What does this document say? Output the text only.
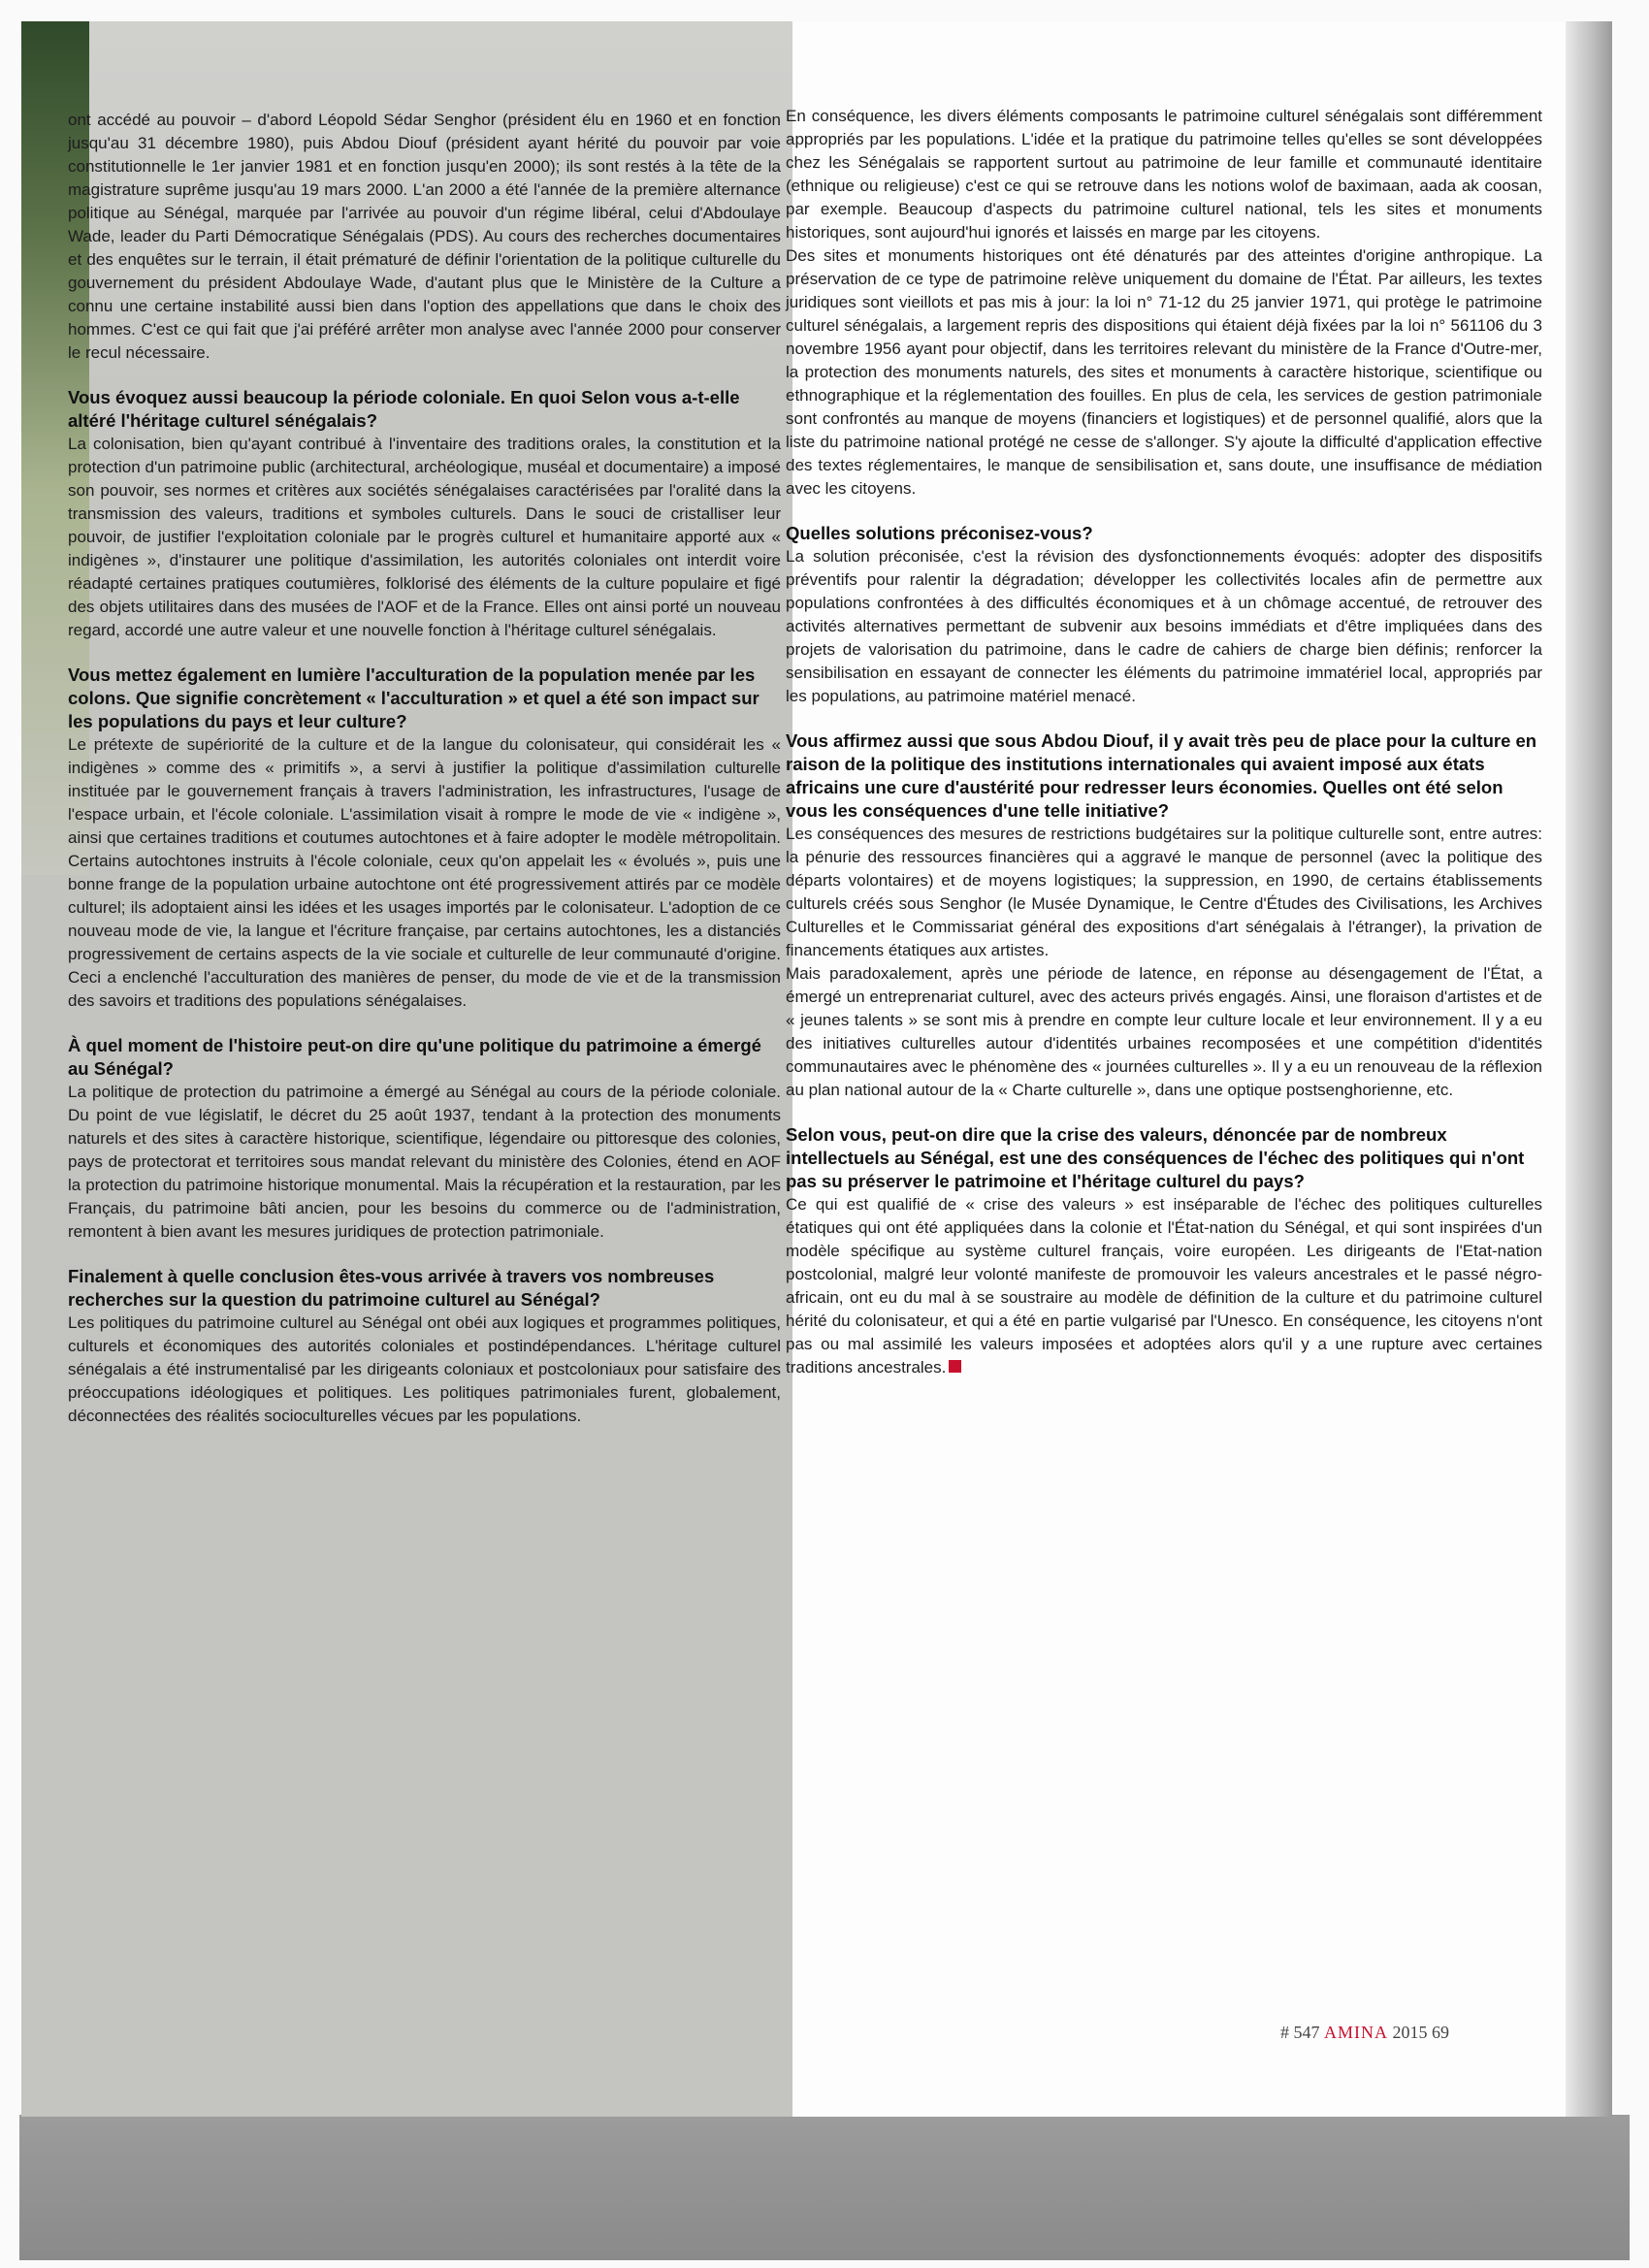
ont accédé au pouvoir – d'abord Léopold Sédar Senghor (président élu en 1960 et en fonction jusqu'au 31 décembre 1980), puis Abdou Diouf (président ayant hérité du pouvoir par voie constitutionnelle le 1er janvier 1981 et en fonction jusqu'en 2000); ils sont restés à la tête de la magistrature suprême jusqu'au 19 mars 2000. L'an 2000 a été l'année de la première alternance politique au Sénégal, marquée par l'arrivée au pouvoir d'un régime libéral, celui d'Abdoulaye Wade, leader du Parti Démocratique Sénégalais (PDS). Au cours des recherches documentaires et des enquêtes sur le terrain, il était prématuré de définir l'orientation de la politique culturelle du gouvernement du président Abdoulaye Wade, d'autant plus que le Ministère de la Culture a connu une certaine instabilité aussi bien dans l'option des appellations que dans le choix des hommes. C'est ce qui fait que j'ai préféré arrêter mon analyse avec l'année 2000 pour conserver le recul nécessaire.

Vous évoquez aussi beaucoup la période coloniale. En quoi Selon vous a-t-elle altéré l'héritage culturel sénégalais?

La colonisation, bien qu'ayant contribué à l'inventaire des traditions orales, la constitution et la protection d'un patrimoine public (architectural, archéologique, muséal et documentaire) a imposé son pouvoir, ses normes et critères aux sociétés sénégalaises caractérisées par l'oralité dans la transmission des valeurs, traditions et symboles culturels. Dans le souci de cristalliser leur pouvoir, de justifier l'exploitation coloniale par le progrès culturel et humanitaire apporté aux « indigènes », d'instaurer une politique d'assimilation, les autorités coloniales ont interdit voire réadapté certaines pratiques coutumières, folklorisé des éléments de la culture populaire et figé des objets utilitaires dans des musées de l'AOF et de la France. Elles ont ainsi porté un nouveau regard, accordé une autre valeur et une nouvelle fonction à l'héritage culturel sénégalais.

Vous mettez également en lumière l'acculturation de la population menée par les colons. Que signifie concrètement « l'acculturation » et quel a été son impact sur les populations du pays et leur culture?

Le prétexte de supériorité de la culture et de la langue du colonisateur, qui considérait les « indigènes » comme des « primitifs », a servi à justifier la politique d'assimilation culturelle instituée par le gouvernement français à travers l'administration, les infrastructures, l'usage de l'espace urbain, et l'école coloniale. L'assimilation visait à rompre le mode de vie « indigène », ainsi que certaines traditions et coutumes autochtones et à faire adopter le modèle métropolitain. Certains autochtones instruits à l'école coloniale, ceux qu'on appelait les « évolués », puis une bonne frange de la population urbaine autochtone ont été progressivement attirés par ce modèle culturel; ils adoptaient ainsi les idées et les usages importés par le colonisateur. L'adoption de ce nouveau mode de vie, la langue et l'écriture française, par certains autochtones, les a distanciés progressivement de certains aspects de la vie sociale et culturelle de leur communauté d'origine. Ceci a enclenché l'acculturation des manières de penser, du mode de vie et de la transmission des savoirs et traditions des populations sénégalaises.

À quel moment de l'histoire peut-on dire qu'une politique du patrimoine a émergé au Sénégal?

La politique de protection du patrimoine a émergé au Sénégal au cours de la période coloniale. Du point de vue législatif, le décret du 25 août 1937, tendant à la protection des monuments naturels et des sites à caractère historique, scientifique, légendaire ou pittoresque des colonies, pays de protectorat et territoires sous mandat relevant du ministère des Colonies, étend en AOF la protection du patrimoine historique monumental. Mais la récupération et la restauration, par les Français, du patrimoine bâti ancien, pour les besoins du commerce ou de l'administration, remontent à bien avant les mesures juridiques de protection patrimoniale.

Finalement à quelle conclusion êtes-vous arrivée à travers vos nombreuses recherches sur la question du patrimoine culturel au Sénégal?

Les politiques du patrimoine culturel au Sénégal ont obéi aux logiques et programmes politiques, culturels et économiques des autorités coloniales et postindépendances. L'héritage culturel sénégalais a été instrumentalisé par les dirigeants coloniaux et postcoloniaux pour satisfaire des préoccupations idéologiques et politiques. Les politiques patrimoniales furent, globalement, déconnectées des réalités socioculturelles vécues par les populations.

En conséquence, les divers éléments composants le patrimoine culturel sénégalais sont différemment appropriés par les populations. L'idée et la pratique du patrimoine telles qu'elles se sont développées chez les Sénégalais se rapportent surtout au patrimoine de leur famille et communauté identitaire (ethnique ou religieuse) c'est ce qui se retrouve dans les notions wolof de baximaan, aada ak coosan, par exemple. Beaucoup d'aspects du patrimoine culturel national, tels les sites et monuments historiques, sont aujourd'hui ignorés et laissés en marge par les citoyens.

Des sites et monuments historiques ont été dénaturés par des atteintes d'origine anthropique. La préservation de ce type de patrimoine relève uniquement du domaine de l'État. Par ailleurs, les textes juridiques sont vieillots et pas mis à jour: la loi n° 71-12 du 25 janvier 1971, qui protège le patrimoine culturel sénégalais, a largement repris des dispositions qui étaient déjà fixées par la loi n° 561106 du 3 novembre 1956 ayant pour objectif, dans les territoires relevant du ministère de la France d'Outre-mer, la protection des monuments naturels, des sites et monuments à caractère historique, scientifique ou ethnographique et la réglementation des fouilles. En plus de cela, les services de gestion patrimoniale sont confrontés au manque de moyens (financiers et logistiques) et de personnel qualifié, alors que la liste du patrimoine national protégé ne cesse de s'allonger. S'y ajoute la difficulté d'application effective des textes réglementaires, le manque de sensibilisation et, sans doute, une insuffisance de médiation avec les citoyens.

Quelles solutions préconisez-vous?

La solution préconisée, c'est la révision des dysfonctionnements évoqués: adopter des dispositifs préventifs pour ralentir la dégradation; développer les collectivités locales afin de permettre aux populations confrontées à des difficultés économiques et à un chômage accentué, de retrouver des activités alternatives permettant de subvenir aux besoins immédiats et d'être impliquées dans des projets de valorisation du patrimoine, dans le cadre de cahiers de charge bien définis; renforcer la sensibilisation en essayant de connecter les éléments du patrimoine immatériel local, appropriés par les populations, au patrimoine matériel menacé.

Vous affirmez aussi que sous Abdou Diouf, il y avait très peu de place pour la culture en raison de la politique des institutions internationales qui avaient imposé aux états africains une cure d'austérité pour redresser leurs économies. Quelles ont été selon vous les conséquences d'une telle initiative?

Les conséquences des mesures de restrictions budgétaires sur la politique culturelle sont, entre autres: la pénurie des ressources financières qui a aggravé le manque de personnel (avec la politique des départs volontaires) et de moyens logistiques; la suppression, en 1990, de certains établissements culturels créés sous Senghor (le Musée Dynamique, le Centre d'Études des Civilisations, les Archives Culturelles et le Commissariat général des expositions d'art sénégalais à l'étranger), la privation de financements étatiques aux artistes.

Mais paradoxalement, après une période de latence, en réponse au désengagement de l'État, a émergé un entreprenariat culturel, avec des acteurs privés engagés. Ainsi, une floraison d'artistes et de « jeunes talents » se sont mis à prendre en compte leur culture locale et leur environnement. Il y a eu des initiatives culturelles autour d'identités urbaines recomposées et une compétition d'identités communautaires avec le phénomène des « journées culturelles ». Il y a eu un renouveau de la réflexion au plan national autour de la « Charte culturelle », dans une optique postsenghorienne, etc.

Selon vous, peut-on dire que la crise des valeurs, dénoncée par de nombreux intellectuels au Sénégal, est une des conséquences de l'échec des politiques qui n'ont pas su préserver le patrimoine et l'héritage culturel du pays?

Ce qui est qualifié de « crise des valeurs » est inséparable de l'échec des politiques culturelles étatiques qui ont été appliquées dans la colonie et l'État-nation du Sénégal, et qui sont inspirées d'un modèle spécifique au système culturel français, voire européen. Les dirigeants de l'Etat-nation postcolonial, malgré leur volonté manifeste de promouvoir les valeurs ancestrales et le passé négro-africain, ont eu du mal à se soustraire au modèle de définition de la culture et du patrimoine culturel hérité du colonisateur, et qui a été en partie vulgarisé par l'Unesco. En conséquence, les citoyens n'ont pas ou mal assimilé les valeurs imposées et adoptées alors qu'il y a une rupture avec certaines traditions ancestrales.

# 547 AMINA 2015 69
